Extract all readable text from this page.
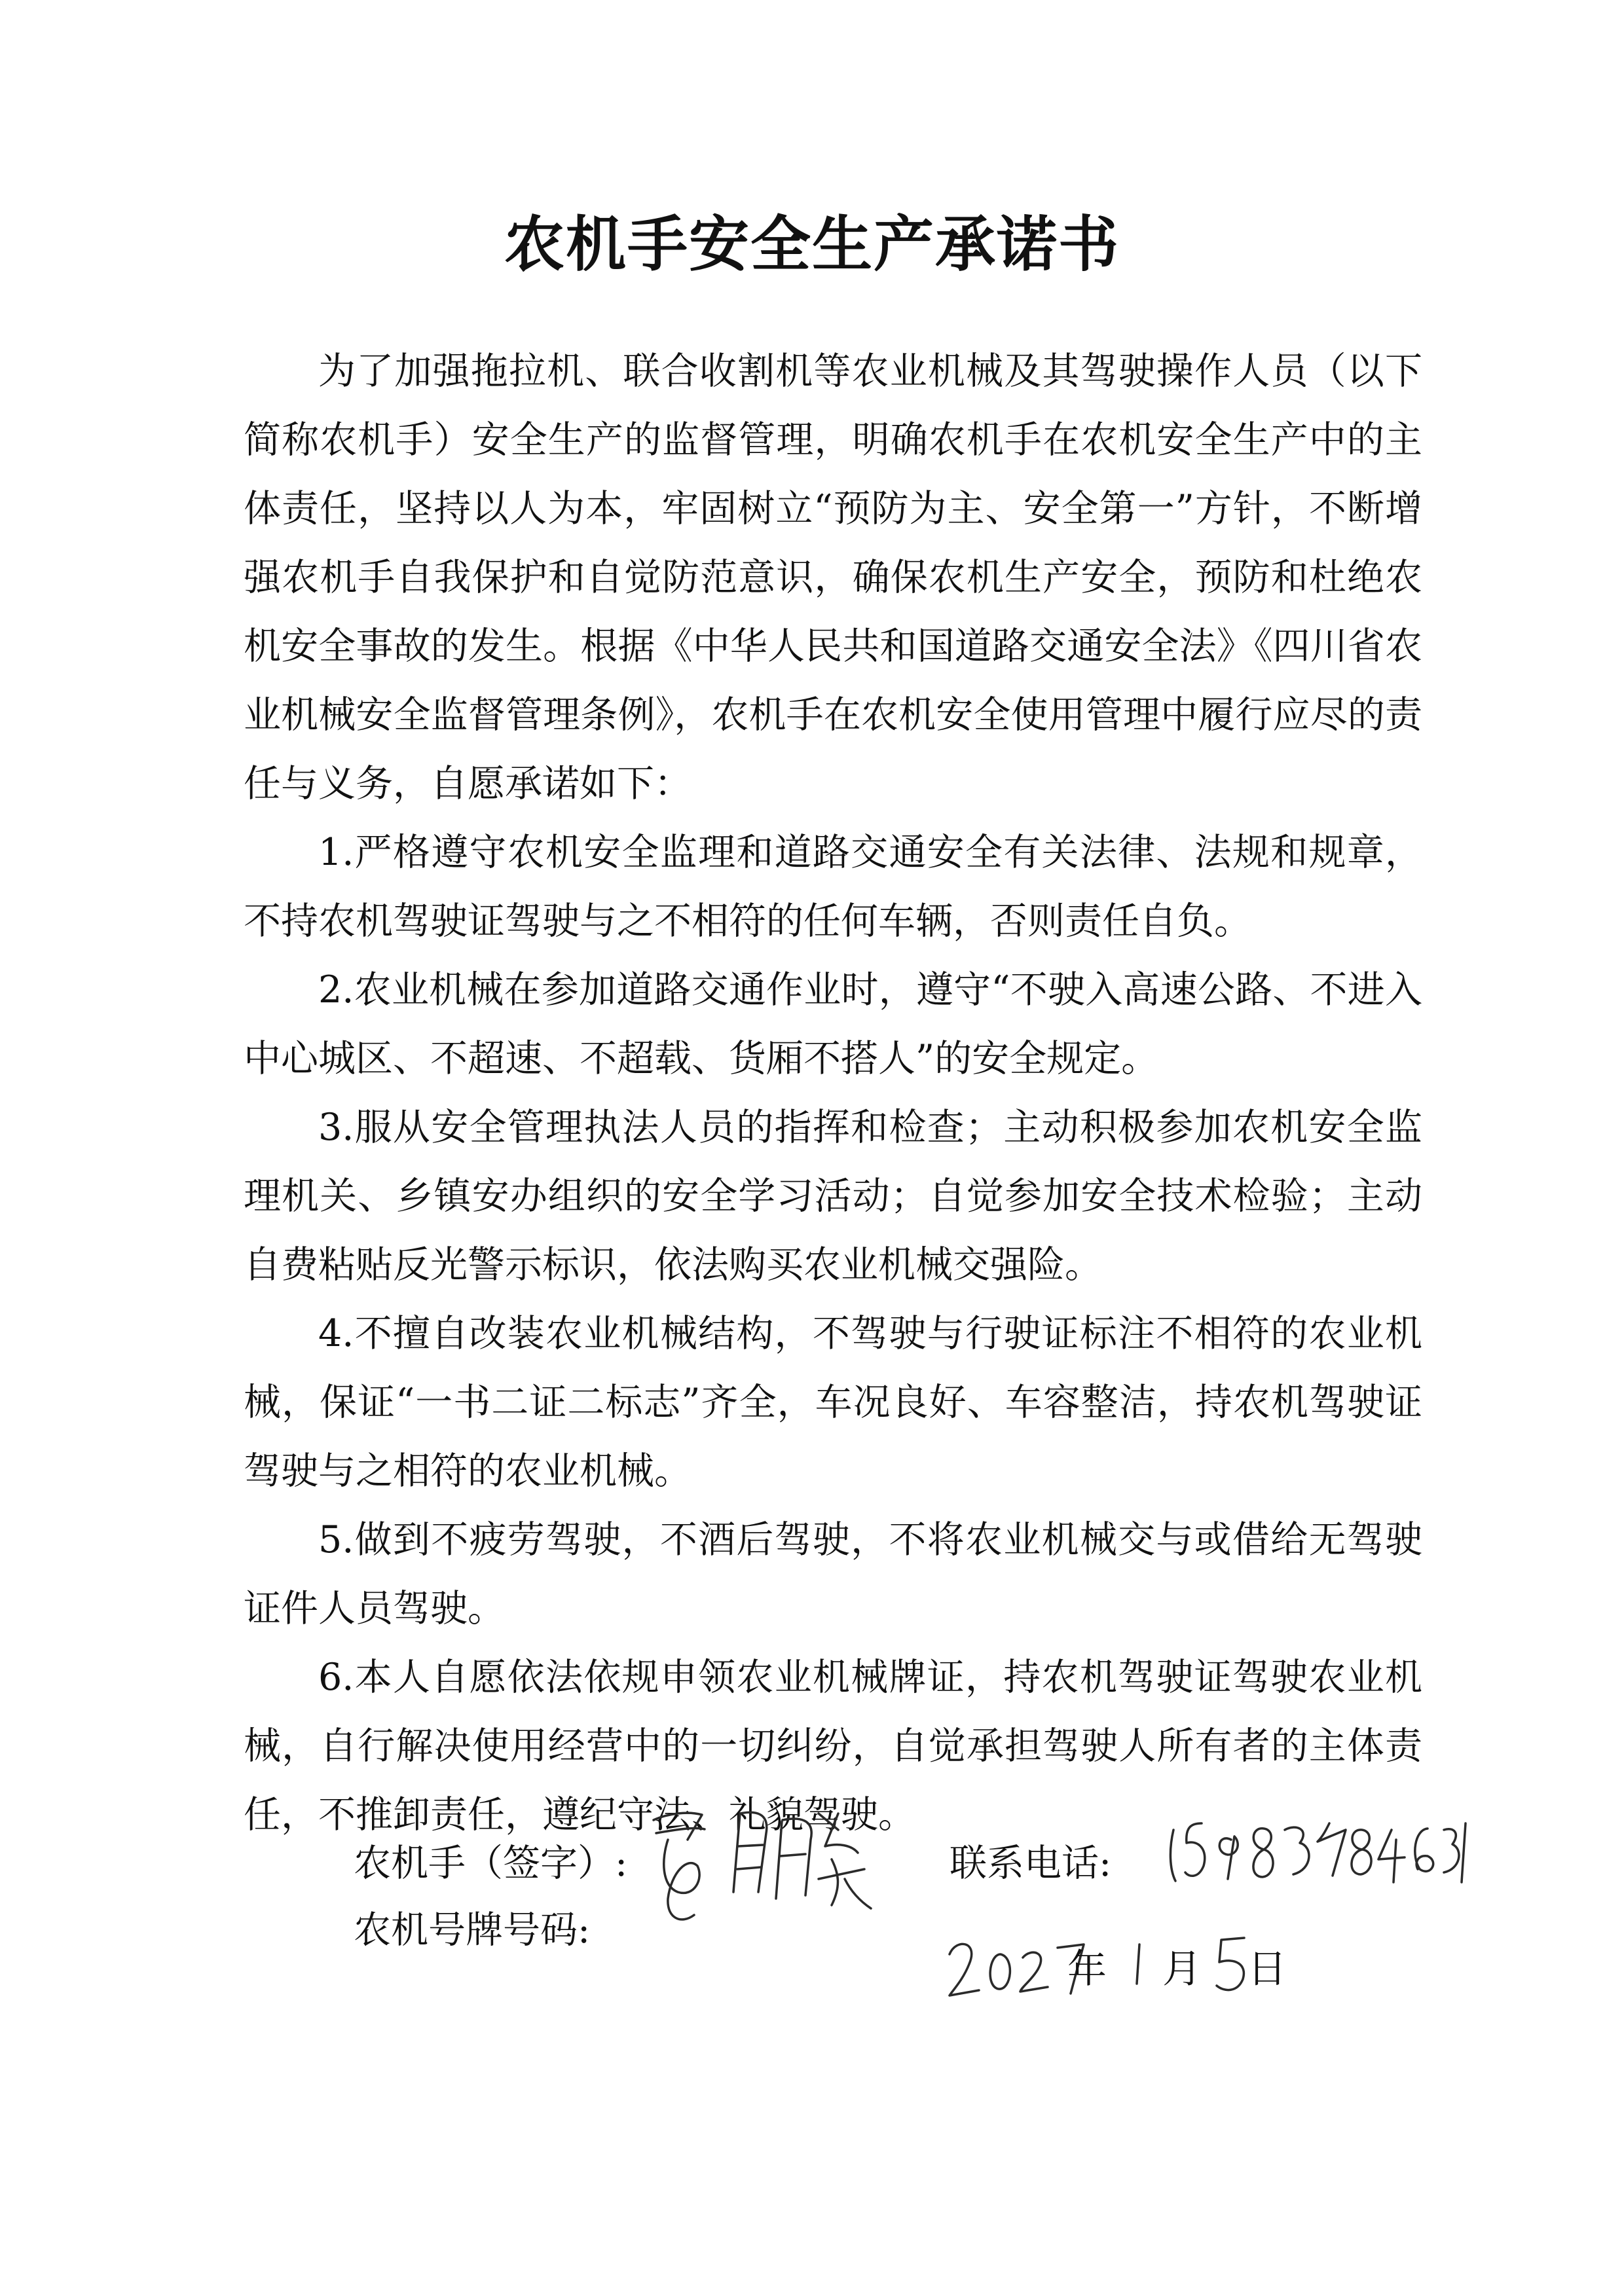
农机手安全生产承诺书

为了加强拖拉机、联合收割机等农业机械及其驾驶操作人员（以下简称农机手）安全生产的监督管理，明确农机手在农机安全生产中的主体责任，坚持以人为本，牢固树立“预防为主、安全第一”方针，不断增强农机手自我保护和自觉防范意识，确保农机生产安全，预防和杜绝农机安全事故的发生。根据《中华人民共和国道路交通安全法》《四川省农业机械安全监督管理条例》，农机手在农机安全使用管理中履行应尽的责任与义务，自愿承诺如下：

1.严格遵守农机安全监理和道路交通安全有关法律、法规和规章，不持农机驾驶证驾驶与之不相符的任何车辆，否则责任自负。

2.农业机械在参加道路交通作业时，遵守“不驶入高速公路、不进入中心城区、不超速、不超载、货厢不搭人”的安全规定。

3.服从安全管理执法人员的指挥和检查；主动积极参加农机安全监理机关、乡镇安办组织的安全学习活动；自觉参加安全技术检验；主动自费粘贴反光警示标识，依法购买农业机械交强险。

4.不擅自改装农业机械结构，不驾驶与行驶证标注不相符的农业机械，保证“一书二证二标志”齐全，车况良好、车容整洁，持农机驾驶证驾驶与之相符的农业机械。

5.做到不疲劳驾驶，不酒后驾驶，不将农业机械交与或借给无驾驶证件人员驾驶。

6.本人自愿依法依规申领农业机械牌证，持农机驾驶证驾驶农业机械，自行解决使用经营中的一切纠纷，自觉承担驾驶人所有者的主体责任，不推卸责任，遵纪守法、礼貌驾驶。

农机手（签字）:	联系电话:
农机号牌号码:
年 月 日
